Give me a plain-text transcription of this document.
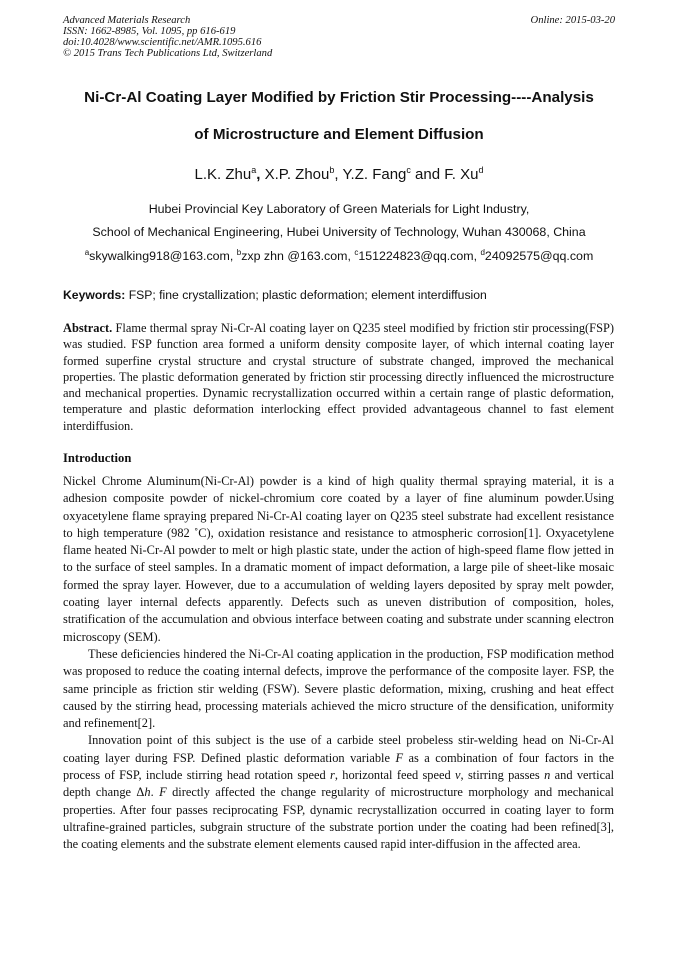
Advanced Materials Research
ISSN: 1662-8985, Vol. 1095, pp 616-619
doi:10.4028/www.scientific.net/AMR.1095.616
© 2015 Trans Tech Publications Ltd, Switzerland
Online: 2015-03-20
Ni-Cr-Al Coating Layer Modified by Friction Stir Processing----Analysis
of Microstructure and Element Diffusion
L.K. Zhu$^a$, X.P. Zhou$^b$, Y.Z. Fang$^c$ and F. Xu$^d$
Hubei Provincial Key Laboratory of Green Materials for Light Industry,
School of Mechanical Engineering, Hubei University of Technology, Wuhan 430068, China
$^a$skywalking918@163.com, $^b$zxp zhn @163.com, $^c$151224823@qq.com, $^d$24092575@qq.com
Keywords: FSP; fine crystallization; plastic deformation; element interdiffusion
Abstract. Flame thermal spray Ni-Cr-Al coating layer on Q235 steel modified by friction stir processing(FSP) was studied. FSP function area formed a uniform density composite layer, of which internal coating layer formed superfine crystal structure and crystal structure of substrate changed, improved the mechanical properties. The plastic deformation generated by friction stir processing directly influenced the microstructure and mechanical properties. Dynamic recrystallization occurred within a certain range of plastic deformation, temperature and plastic deformation interlocking effect provided advantageous channel to fast element interdiffusion.
Introduction

Nickel Chrome Aluminum(Ni-Cr-Al) powder is a kind of high quality thermal spraying material, it is a adhesion composite powder of nickel-chromium core coated by a layer of fine aluminum powder.Using oxyacetylene flame spraying prepared Ni-Cr-Al coating layer on Q235 steel substrate had excellent resistance to high temperature (982 ˚C), oxidation resistance and resistance to atmospheric corrosion[1]. Oxyacetylene flame heated Ni-Cr-Al powder to melt or high plastic state, under the action of high-speed flame flow jetted in to the surface of steel samples. In a dramatic moment of impact deformation, a large pile of sheet-like mosaic formed the spray layer. However, due to a accumulation of welding layers deposited by spray melt powder, coating layer internal defects apparently. Defects such as uneven distribution of composition, holes, stratification of the accumulation and obvious interface between coating and substrate under scanning electron microscopy (SEM).

These deficiencies hindered the Ni-Cr-Al coating application in the production, FSP modification method was proposed to reduce the coating internal defects, improve the performance of the composite layer. FSP, the same principle as friction stir welding (FSW). Severe plastic deformation, mixing, crushing and heat effect caused by the stirring head, processing materials achieved the micro structure of the densification, uniformity and refinement[2].

Innovation point of this subject is the use of a carbide steel probeless stir-welding head on Ni-Cr-Al coating layer during FSP. Defined plastic deformation variable F as a combination of four factors in the process of FSP, include stirring head rotation speed r, horizontal feed speed v, stirring passes n and vertical depth change Δh. F directly affected the change regularity of microstructure morphology and mechanical properties. After four passes reciprocating FSP, dynamic recrystallization occurred in coating layer to form ultrafine-grained particles, subgrain structure of the substrate portion under the coating had been refined[3], the coating elements and the substrate element elements caused rapid inter-diffusion in the affected area.
